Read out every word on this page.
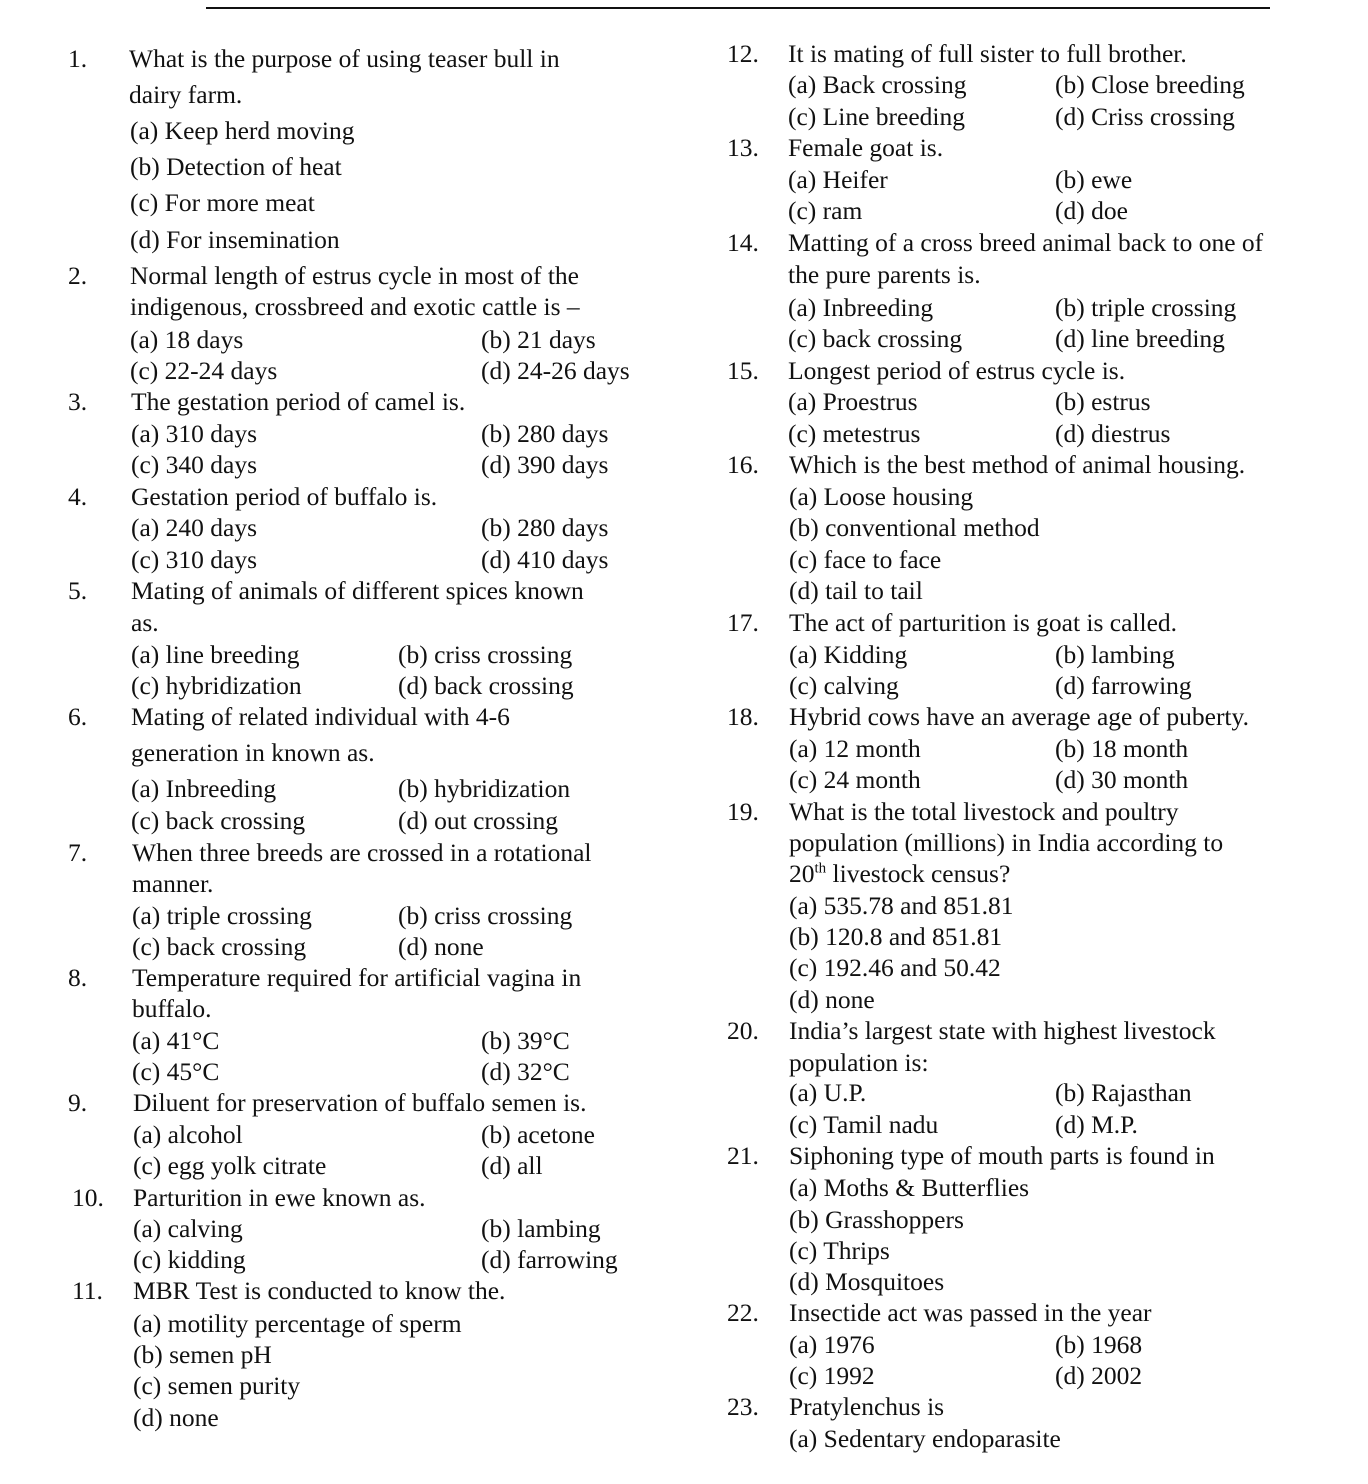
1. What is the purpose of using teaser bull in
dairy farm.
(a) Keep herd moving
(b) Detection of heat
(c) For more meat
(d) For insemination
2. Normal length of estrus cycle in most of the
indigenous, crossbreed and exotic cattle is –
(a) 18 days	(b) 21 days
(c) 22-24 days	(d) 24-26 days
3. The gestation period of camel is.
(a) 310 days	(b) 280 days
(c) 340 days	(d) 390 days
4. Gestation period of buffalo is.
(a) 240 days	(b) 280 days
(c) 310 days	(d) 410 days
5. Mating of animals of different spices known
as.
(a) line breeding	(b) criss crossing
(c) hybridization	(d) back crossing
6. Mating of related individual with 4-6
generation in known as.
(a) Inbreeding	(b) hybridization
(c) back crossing	(d) out crossing
7. When three breeds are crossed in a rotational
manner.
(a) triple crossing	(b) criss crossing
(c) back crossing	(d) none
8. Temperature required for artificial vagina in
buffalo.
(a) 41°C	(b) 39°C
(c) 45°C	(d) 32°C
9. Diluent for preservation of buffalo semen is.
(a) alcohol	(b) acetone
(c) egg yolk citrate	(d) all
10. Parturition in ewe known as.
(a) calving	(b) lambing
(c) kidding	(d) farrowing
11. MBR Test is conducted to know the.
(a) motility percentage of sperm
(b) semen pH
(c) semen purity
(d) none
12. It is mating of full sister to full brother.
(a) Back crossing	(b) Close breeding
(c) Line breeding	(d) Criss crossing
13. Female goat is.
(a) Heifer	(b) ewe
(c) ram	(d) doe
14. Matting of a cross breed animal back to one of
the pure parents is.
(a) Inbreeding	(b) triple crossing
(c) back crossing	(d) line breeding
15. Longest period of estrus cycle is.
(a) Proestrus	(b) estrus
(c) metestrus	(d) diestrus
16. Which is the best method of animal housing.
(a) Loose housing
(b) conventional method
(c) face to face
(d) tail to tail
17. The act of parturition is goat is called.
(a) Kidding	(b) lambing
(c) calving	(d) farrowing
18. Hybrid cows have an average age of puberty.
(a) 12 month	(b) 18 month
(c) 24 month	(d) 30 month
19. What is the total livestock and poultry
population (millions) in India according to
20th livestock census?
(a) 535.78 and 851.81
(b) 120.8 and 851.81
(c) 192.46 and 50.42
(d) none
20. India’s largest state with highest livestock
population is:
(a) U.P.	(b) Rajasthan
(c) Tamil nadu	(d) M.P.
21. Siphoning type of mouth parts is found in
(a) Moths & Butterflies
(b) Grasshoppers
(c) Thrips
(d) Mosquitoes
22. Insectide act was passed in the year
(a) 1976	(b) 1968
(c) 1992	(d) 2002
23. Pratylenchus is
(a) Sedentary endoparasite
